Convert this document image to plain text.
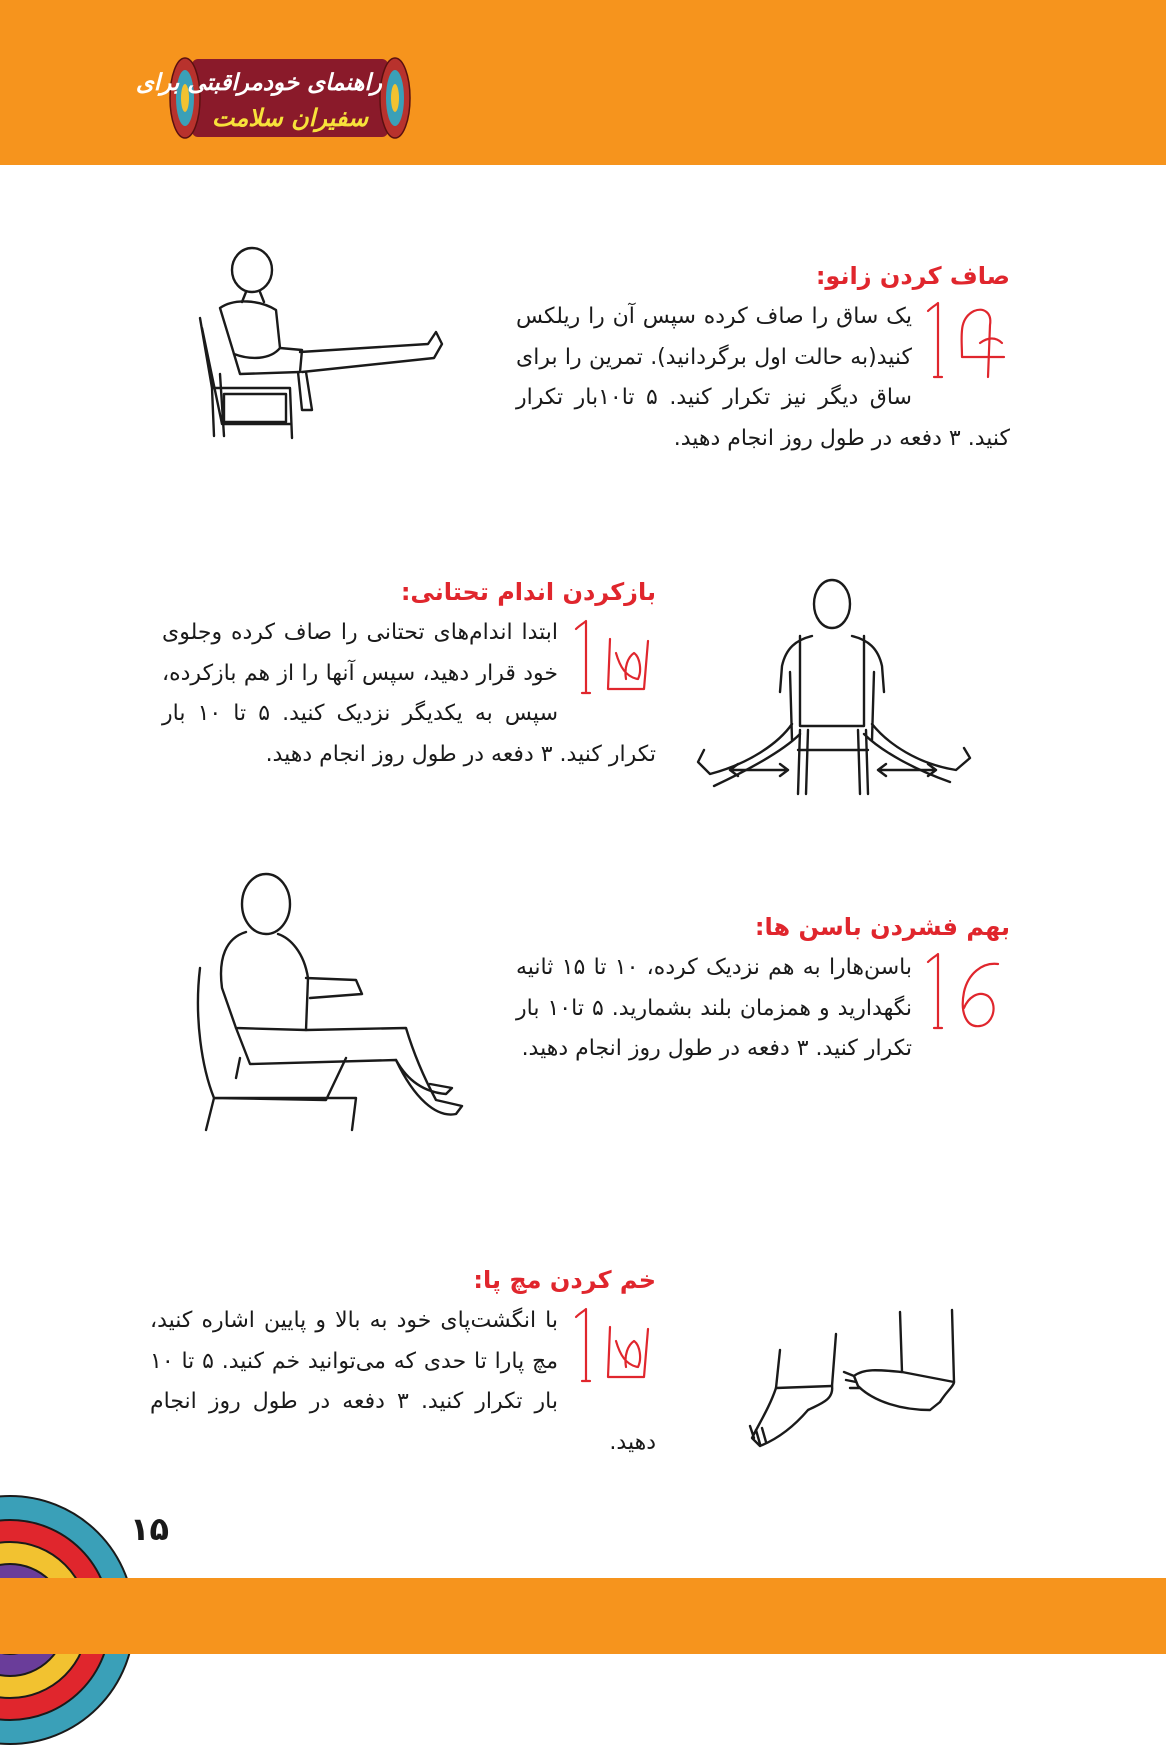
راهنمای خودمراقبتی برای
سفیران سلامت
صاف کردن زانو:
۱۴
یک ساق را صاف کرده سپس آن را ریلکس کنید(به حالت اول برگردانید). تمرین را برای ساق دیگر نیز تکرار کنید. ۵ تا۱۰بار تکرار کنید. ۳ دفعه در طول روز انجام دهید.
بازکردن اندام تحتانی:
۱۵
ابتدا اندام‌های تحتانی را صاف کرده وجلوی خود قرار دهید، سپس آنها را از هم بازکرده، سپس به یکدیگر نزدیک کنید. ۵ تا ۱۰ بار تکرار کنید. ۳ دفعه در طول روز انجام دهید.
بهم فشردن باسن ها:
۱۶
باسن‌هارا به هم نزدیک کرده، ۱۰ تا ۱۵ ثانیه نگهدارید و همزمان بلند بشمارید. ۵ تا۱۰ بار تکرار کنید. ۳ دفعه در طول روز انجام دهید.
خم کردن مچ پا:
۱۵
با انگشت‌پای خود به بالا و پایین اشاره کنید، مچ پارا تا حدی که می‌توانید خم کنید. ۵ تا ۱۰ بار تکرار کنید. ۳ دفعه در طول روز انجام دهید.
۱۵
